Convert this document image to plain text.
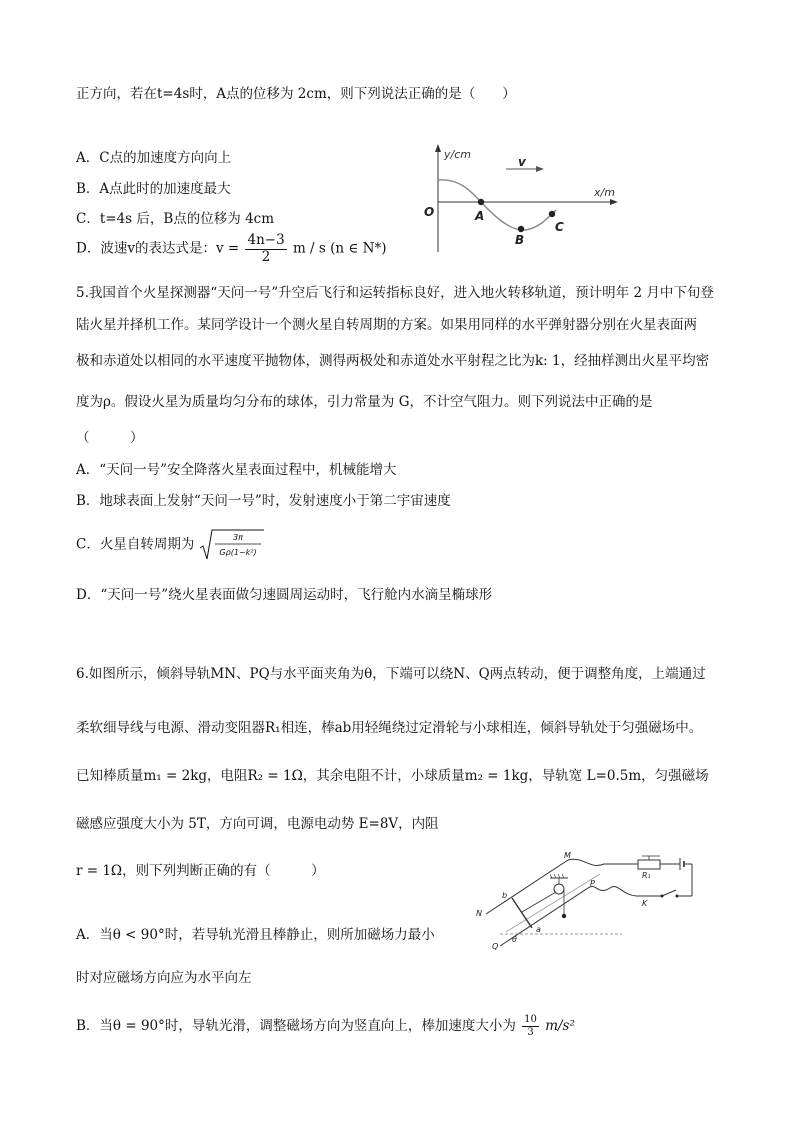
正方向，若在t=4s时，A点的位移为 2cm，则下列说法正确的是（　　）
A．C点的加速度方向向上
B．A点此时的加速度最大
C．t=4s 后，B点的位移为 4cm
D．波速v的表达式是：$v = \frac{4n-3}{2}$ m / s (n ∈ N*)
y/cm
x/m
v
O	A
B
C
5.我国首个火星探测器“天问一号”升空后飞行和运转指标良好，进入地火转移轨道，预计明年 2 月中下旬登
陆火星并择机工作。某同学设计一个测火星自转周期的方案。如果用同样的水平弹射器分别在火星表面两
极和赤道处以相同的水平速度平抛物体，测得两极处和赤道处水平射程之比为k: 1，经抽样测出火星平均密
度为ρ。假设火星为质量均匀分布的球体，引力常量为 G，不计空气阻力。则下列说法中正确的是
（　　　）
A．“天问一号”安全降落火星表面过程中，机械能增大
B．地球表面上发射“天问一号”时，发射速度小于第二宇宙速度
C．火星自转周期为	3π
Gρ(1−k²)
D．“天问一号”绕火星表面做匀速圆周运动时，飞行舱内水滴呈椭球形
6.如图所示，倾斜导轨MN、PQ与水平面夹角为θ，下端可以绕N、Q两点转动，便于调整角度，上端通过
柔软细导线与电源、滑动变阻器R₁相连，棒ab用轻绳绕过定滑轮与小球相连，倾斜导轨处于匀强磁场中。
已知棒质量m₁ = 2kg，电阻R₂ = 1Ω，其余电阻不计，小球质量m₂ = 1kg，导轨宽 L=0.5m，匀强磁场
磁感应强度大小为 5T，方向可调，电源电动势 E=8V，内阻
r = 1Ω，则下列判断正确的有（　　　）
A．当θ < 90°时，若导轨光滑且棒静止，则所加磁场力最小
时对应磁场方向应为水平向左
B．当θ = 90°时，导轨光滑，调整磁场方向为竖直向上，棒加速度大小为 $\frac{10}{3} m/s^2$
M
N
b
a
P
Q
θ
R₁
K
